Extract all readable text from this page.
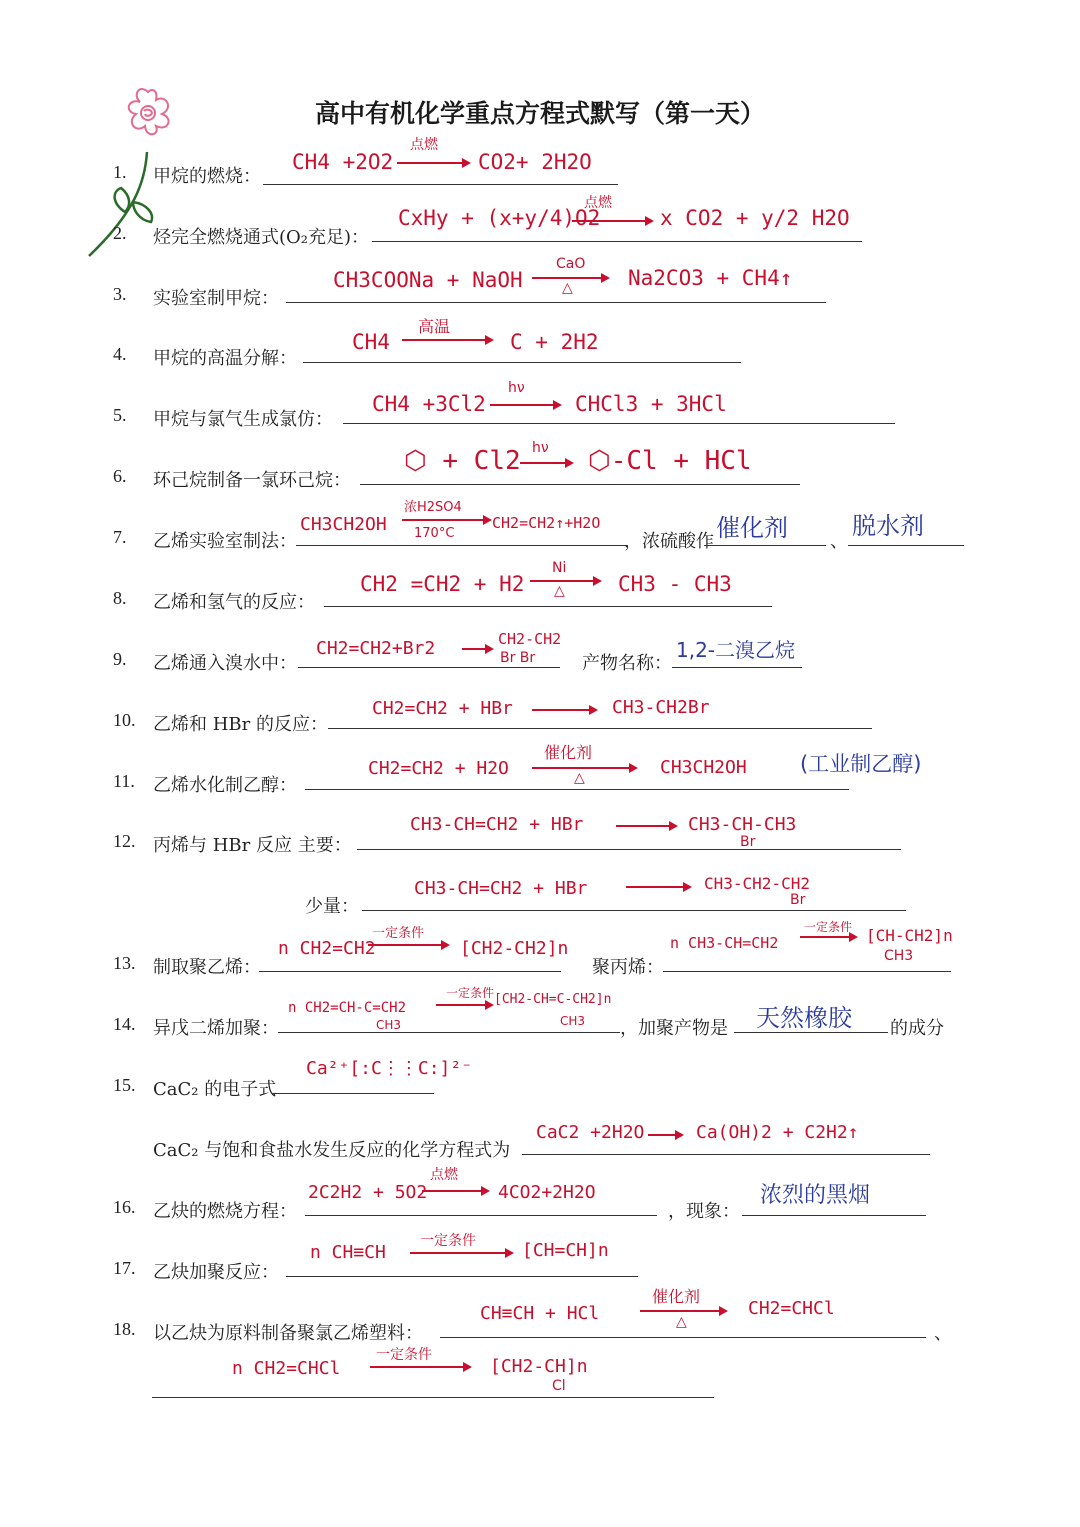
高中有机化学重点方程式默写（第一天）
1. 甲烷的燃烧：
CH4 +2O2
点燃
CO2+ 2H2O
2. 烃完全燃烧通式(O₂充足)：
CxHy + (x+y/4)O2
点燃
x CO2 + y/2 H2O
3. 实验室制甲烷：
CH3COONa + NaOH
CaO
△	Na2CO3 + CH4↑
4. 甲烷的高温分解：
CH4
高温
C + 2H2
5. 甲烷与氯气生成氯仿：
CH4 +3Cl2
hν
CHCl3 + 3HCl
6. 环己烷制备一氯环己烷：
⬡ + Cl2 hν ⬡-Cl + HCl
7. 乙烯实验室制法：
CH3CH2OH
浓H2SO4
170°C
CH2=CH2↑+H2O
，浓硫酸作 催化剂 、
脱水剂
8. 乙烯和氢气的反应：
CH2 =CH2 + H2
Ni
△	CH3 - CH3
9. 乙烯通入溴水中：
CH2=CH2+Br2	CH2-CH2
Br Br	产物名称：
1,2-二溴乙烷
10. 乙烯和 HBr 的反应：
CH2=CH2 + HBr → CH3-CH2Br
11. 乙烯水化制乙醇：
CH2=CH2 + H2O
催化剂
△	CH3CH2OH	(工业制乙醇)
12. 丙烯与 HBr 反应 主要：
CH3-CH=CH2 + HBr → CH3-CH-CH3
Br
少量：
CH3-CH=CH2 + HBr → CH3-CH2-CH2
Br
13. 制取聚乙烯：
n CH2=CH2
一定条件
[CH2-CH2]n
聚丙烯：
n CH3-CH=CH2
一定条件 → [CH-CH2]n
CH3
14. 异戊二烯加聚：
n CH2=CH-C=CH2
CH3
一定条件 → [CH2-CH=C-CH2]n
CH3 ，加聚产物是 天然橡胶 的成分
15. CaC₂ 的电子式
Ca²⁺[:C⋮⋮C:]²⁻
CaC₂ 与饱和食盐水发生反应的化学方程式为
CaC2 +2H2O → Ca(OH)2 + C2H2↑
16. 乙炔的燃烧方程：
2C2H2 + 5O2
点燃
4CO2+2H2O
，现象：
浓烈的黑烟
17. 乙炔加聚反应：
n CH≡CH
一定条件	[CH=CH]n
18. 以乙炔为原料制备聚氯乙烯塑料：
CH≡CH + HCl
催化剂
△
CH2=CHCl
、
n CH2=CHCl
一定条件
[CH2-CH]n
Cl
